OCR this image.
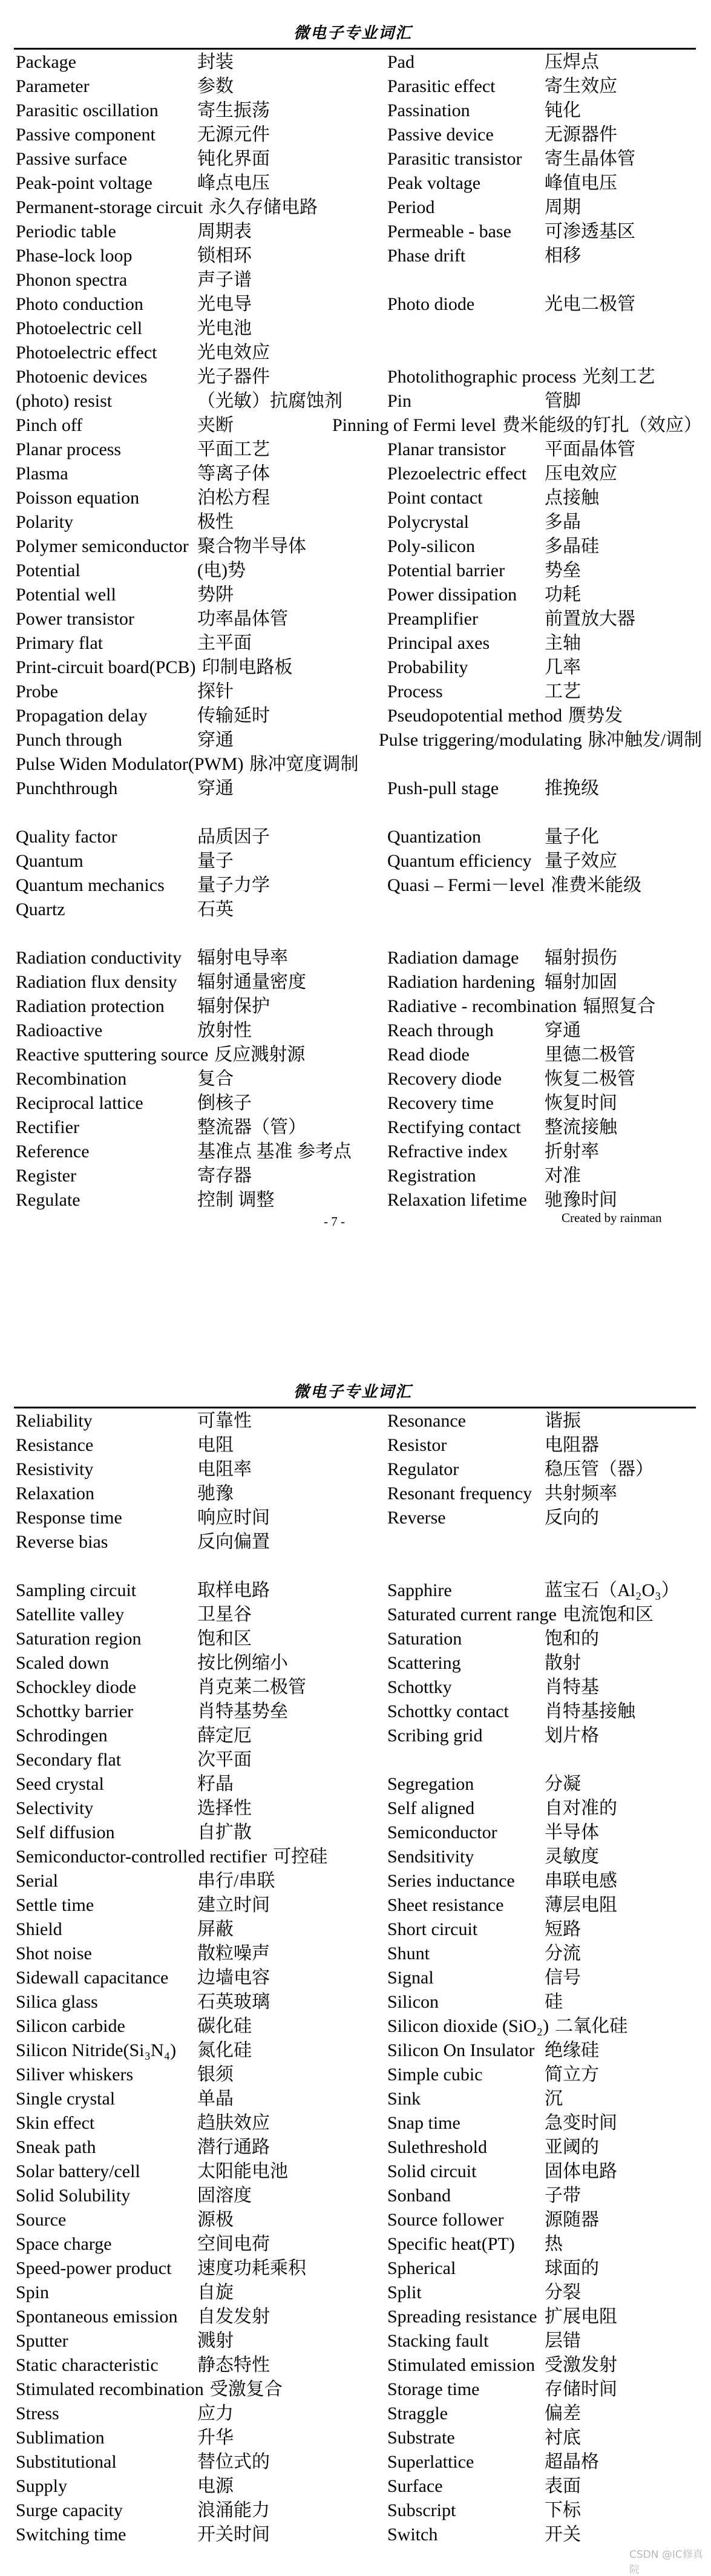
微电子专业词汇
Package	封装	Pad	压焊点
Parameter	参数	Parasitic effect	寄生效应
Parasitic oscillation	寄生振荡	Passination	钝化
Passive component	无源元件	Passive device	无源器件
Passive surface	钝化界面	Parasitic transistor	寄生晶体管
Peak-point voltage	峰点电压	Peak voltage	峰值电压
Permanent-storage circuit 永久存储电路	Period	周期
Periodic table	周期表	Permeable - base	可渗透基区
Phase-lock loop	锁相环	Phase drift	相移
Phonon spectra	声子谱
Photo conduction	光电导	Photo diode	光电二极管
Photoelectric cell	光电池
Photoelectric effect	光电效应
Photoenic devices	光子器件	Photolithographic process 光刻工艺
(photo) resist	（光敏）抗腐蚀剂 Pin	管脚
Pinch off	夹断	Pinning of Fermi level 费米能级的钉扎（效应）
Planar process	平面工艺	Planar transistor	平面晶体管
Plasma	等离子体	Plezoelectric effect 压电效应
Poisson equation	泊松方程	Point contact	点接触
Polarity	极性	Polycrystal	多晶
Polymer semiconductor 聚合物半导体	Poly-silicon	多晶硅
Potential	(电)势	Potential barrier	势垒
Potential well	势阱	Power dissipation	功耗
Power transistor	功率晶体管	Preamplifier	前置放大器
Primary flat	主平面	Principal axes	主轴
Print-circuit board(PCB) 印制电路板	Probability	几率
Probe	探针	Process	工艺
Propagation delay	传输延时	Pseudopotential method 赝势发
Punch through	穿通	Pulse triggering/modulating 脉冲触发/调制
Pulse Widen Modulator(PWM) 脉冲宽度调制
Punchthrough	穿通	Push-pull stage	推挽级
Quality factor	品质因子	Quantization	量子化
Quantum	量子	Quantum efficiency 量子效应
Quantum mechanics	量子力学	Quasi – Fermi－level 准费米能级
Quartz	石英
Radiation conductivity 辐射电导率	Radiation damage	辐射损伤
Radiation flux density	辐射通量密度	Radiation hardening 辐射加固
Radiation protection	辐射保护	Radiative - recombination 辐照复合
Radioactive	放射性	Reach through	穿通
Reactive sputtering source 反应溅射源	Read diode	里德二极管
Recombination	复合	Recovery diode	恢复二极管
Reciprocal lattice	倒核子	Recovery time	恢复时间
Rectifier	整流器（管）	Rectifying contact	整流接触
Reference	基准点 基准 参考点 Refractive index	折射率
Register	寄存器	Registration	对准
Regulate	控制 调整	Relaxation lifetime 驰豫时间
- 7 -	Created by rainman
微电子专业词汇
Reliability	可靠性	Resonance	谐振
Resistance	电阻	Resistor	电阻器
Resistivity	电阻率	Regulator	稳压管（器）
Relaxation	驰豫	Resonant frequency 共射频率
Response time	响应时间	Reverse	反向的
Reverse bias	反向偏置
Sampling circuit	取样电路	Sapphire	蓝宝石（Al₂O₃）
Satellite valley	卫星谷	Saturated current range 电流饱和区
Saturation region	饱和区	Saturation	饱和的
Scaled down	按比例缩小	Scattering	散射
Schockley diode	肖克莱二极管	Schottky	肖特基
Schottky barrier	肖特基势垒	Schottky contact	肖特基接触
Schrodingen	薛定厄	Scribing grid	划片格
Secondary flat	次平面
Seed crystal	籽晶	Segregation	分凝
Selectivity	选择性	Self aligned	自对准的
Self diffusion	自扩散	Semiconductor	半导体
Semiconductor-controlled rectifier 可控硅	Sendsitivity	灵敏度
Serial	串行/串联	Series inductance	串联电感
Settle time	建立时间	Sheet resistance	薄层电阻
Shield	屏蔽	Short circuit	短路
Shot noise	散粒噪声	Shunt	分流
Sidewall capacitance	边墙电容	Signal	信号
Silica glass	石英玻璃	Silicon	硅
Silicon carbide	碳化硅	Silicon dioxide (SiO₂) 二氧化硅
Silicon Nitride(Si₃N₄)	氮化硅	Silicon On Insulator 绝缘硅
Siliver whiskers	银须	Simple cubic	简立方
Single crystal	单晶	Sink	沉
Skin effect	趋肤效应	Snap time	急变时间
Sneak path	潜行通路	Sulethreshold	亚阈的
Solar battery/cell	太阳能电池	Solid circuit	固体电路
Solid Solubility	固溶度	Sonband	子带
Source	源极	Source follower	源随器
Space charge	空间电荷	Specific heat(PT)	热
Speed-power product	速度功耗乘积	Spherical	球面的
Spin	自旋	Split	分裂
Spontaneous emission	自发发射	Spreading resistance 扩展电阻
Sputter	溅射	Stacking fault	层错
Static characteristic	静态特性	Stimulated emission 受激发射
Stimulated recombination 受激复合	Storage time	存储时间
Stress	应力	Straggle	偏差
Sublimation	升华	Substrate	衬底
Substitutional	替位式的	Superlattice	超晶格
Supply	电源	Surface	表面
Surge capacity	浪涌能力	Subscript	下标
Switching time	开关时间	Switch	开关
CSDN @IC修真院
